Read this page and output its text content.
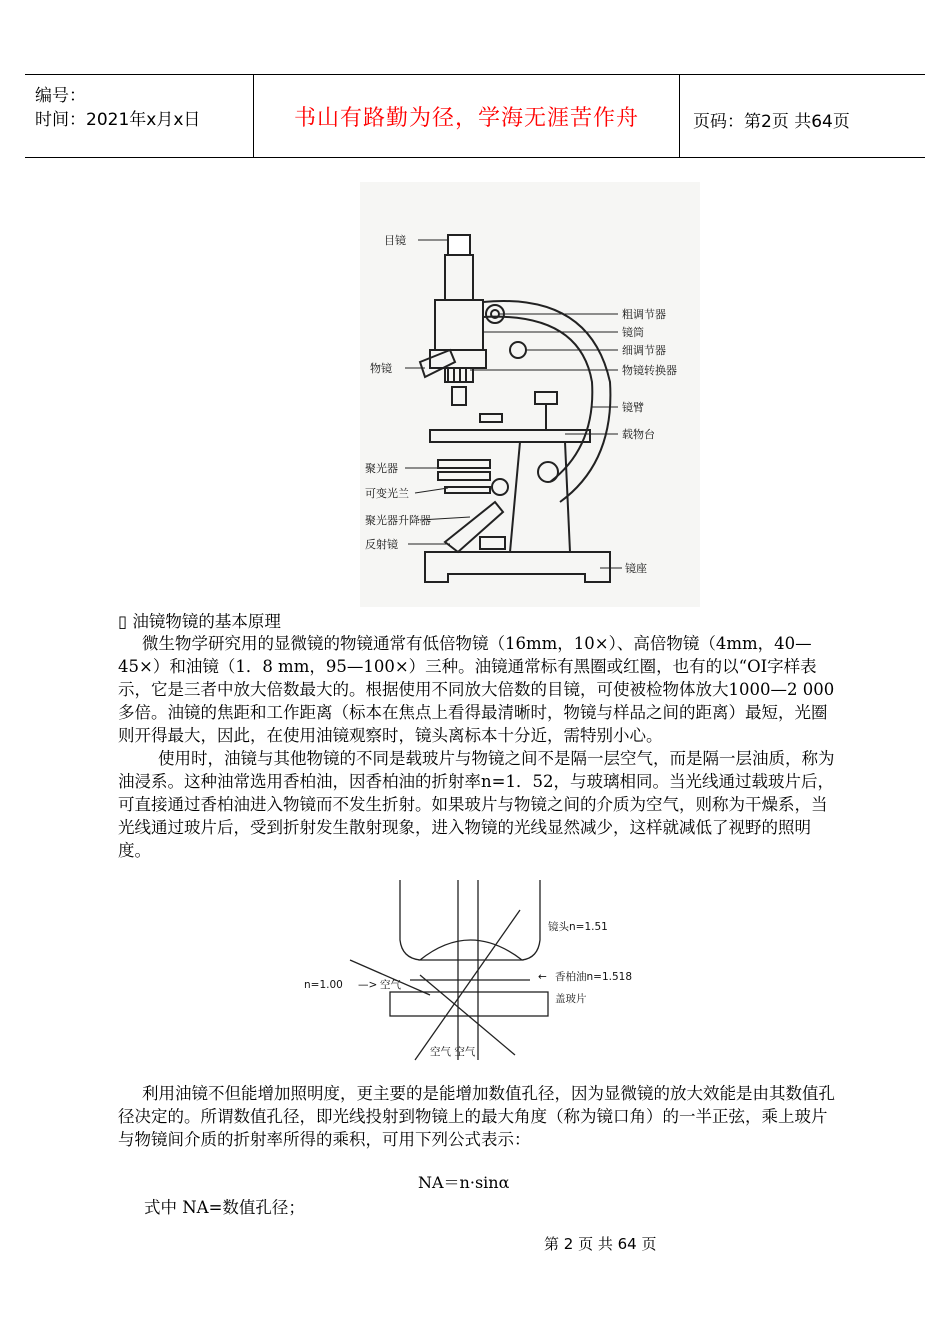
编号：
时间：2021年x月x日	书山有路勤为径，学海无涯苦作舟	页码：第2页 共64页
目镜
粗调节器
镜筒
细调节器
物镜转换器
物镜
镜臂
载物台
聚光器
可变光兰
聚光器升降器
反射镜
镜座
▯ 油镜物镜的基本原理

微生物学研究用的显微镜的物镜通常有低倍物镜（16mm，10×）、高倍物镜（4mm，40—45×）和油镜（1．8 mm，95—100×）三种。油镜通常标有黑圈或红圈，也有的以“OI字样表示，它是三者中放大倍数最大的。根据使用不同放大倍数的目镜，可使被检物体放大1000—2 000多倍。油镜的焦距和工作距离（标本在焦点上看得最清晰时，物镜与样品之间的距离）最短，光圈则开得最大，因此，在使用油镜观察时，镜头离标本十分近，需特别小心。

使用时，油镜与其他物镜的不同是载玻片与物镜之间不是隔一层空气，而是隔一层油质，称为油浸系。这种油常选用香柏油，因香柏油的折射率n=1．52，与玻璃相同。当光线通过载玻片后，可直接通过香柏油进入物镜而不发生折射。如果玻片与物镜之间的介质为空气，则称为干燥系，当光线通过玻片后，受到折射发生散射现象，进入物镜的光线显然减少，这样就减低了视野的照明度。

镜头n=1.51
n=1.00 —> 空气
← 香柏油n=1.518
盖玻片
空气 空气

利用油镜不但能增加照明度，更主要的是能增加数值孔径，因为显微镜的放大效能是由其数值孔径决定的。所谓数值孔径，即光线投射到物镜上的最大角度（称为镜口角）的一半正弦，乘上玻片与物镜间介质的折射率所得的乘积，可用下列公式表示：

NA＝n·sinα
式中 NA=数值孔径；
第 2 页 共 64 页
